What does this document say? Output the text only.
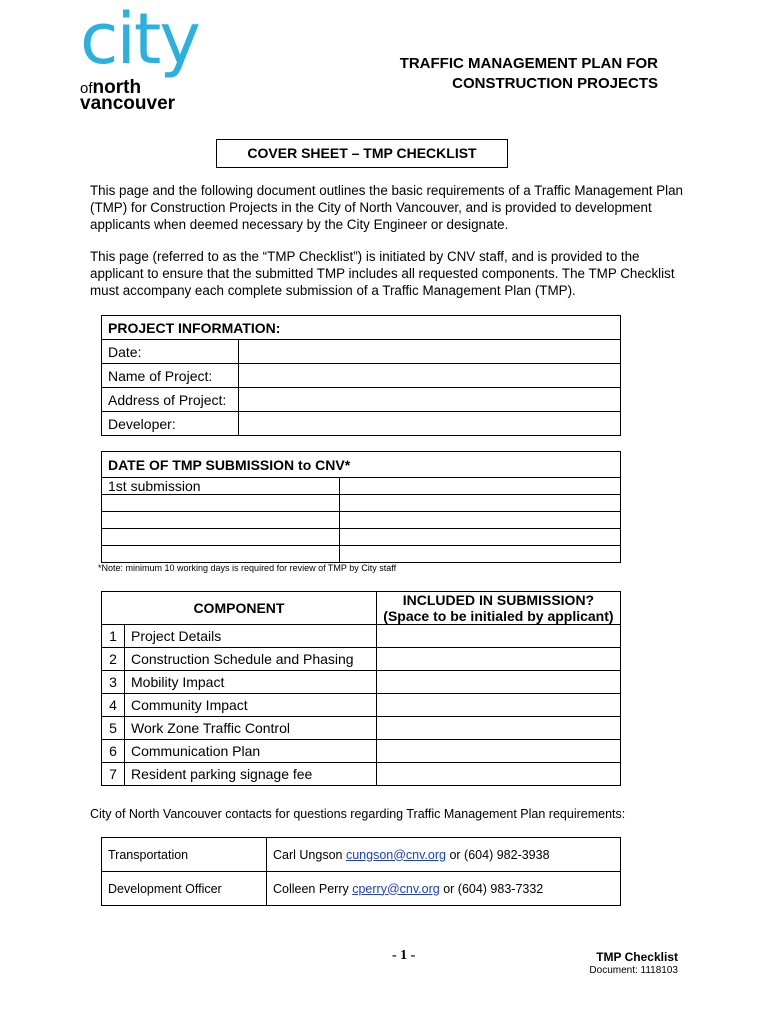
city
ofnorth
vancouver
TRAFFIC MANAGEMENT PLAN FOR
CONSTRUCTION PROJECTS
COVER SHEET – TMP CHECKLIST
This page and the following document outlines the basic requirements of a Traffic Management Plan (TMP) for Construction Projects in the City of North Vancouver, and is provided to development applicants when deemed necessary by the City Engineer or designate.
This page (referred to as the “TMP Checklist”) is initiated by CNV staff, and is provided to the applicant to ensure that the submitted TMP includes all requested components. The TMP Checklist must accompany each complete submission of a Traffic Management Plan (TMP).
PROJECT INFORMATION:	
Date:	
Name of Project:	
Address of Project:	
Developer:	
DATE OF TMP SUBMISSION to CNV*	
1st submission	

*Note: minimum 10 working days is required for review of TMP by City staff
COMPONENT		INCLUDED IN SUBMISSION?
(Space to be initialed by applicant)

1	Project Details	
2	Construction Schedule and Phasing	
3	Mobility Impact	
4	Community Impact	
5	Work Zone Traffic Control	
6	Communication Plan	
7	Resident parking signage fee	
City of North Vancouver contacts for questions regarding Traffic Management Plan requirements:
Transportation	Carl Ungson cungson@cnv.org or (604) 982-3938
Development Officer	Colleen Perry cperry@cnv.org or (604) 983-7332
- 1 -	TMP Checklist
Document: 1118103
